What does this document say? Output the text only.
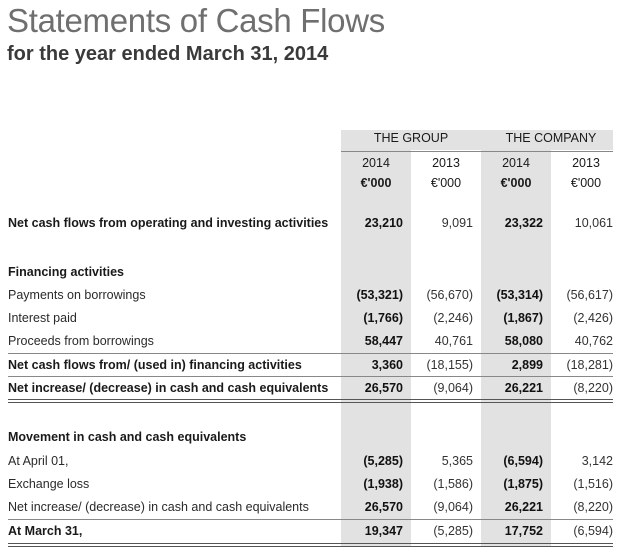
Statements of Cash Flows
for the year ended March 31, 2014
THE GROUP	THE COMPANY
2014	2013	2014	2013
€'000	€'000	€'000	€'000
Net cash flows from operating and investing activities	23,210	9,091	23,322	10,061
Financing activities
Payments on borrowings	(53,321)	(56,670)	(53,314)	(56,617)
Interest paid	(1,766)	(2,246)	(1,867)	(2,426)
Proceeds from borrowings	58,447	40,761	58,080	40,762
Net cash flows from/ (used in) financing activities	3,360	(18,155)	2,899	(18,281)
Net increase/ (decrease) in cash and cash equivalents	26,570	(9,064)	26,221	(8,220)
Movement in cash and cash equivalents
At April 01,	(5,285)	5,365	(6,594)	3,142
Exchange loss	(1,938)	(1,586)	(1,875)	(1,516)
Net increase/ (decrease) in cash and cash equivalents	26,570	(9,064)	26,221	(8,220)
At March 31,	19,347	(5,285)	17,752	(6,594)
